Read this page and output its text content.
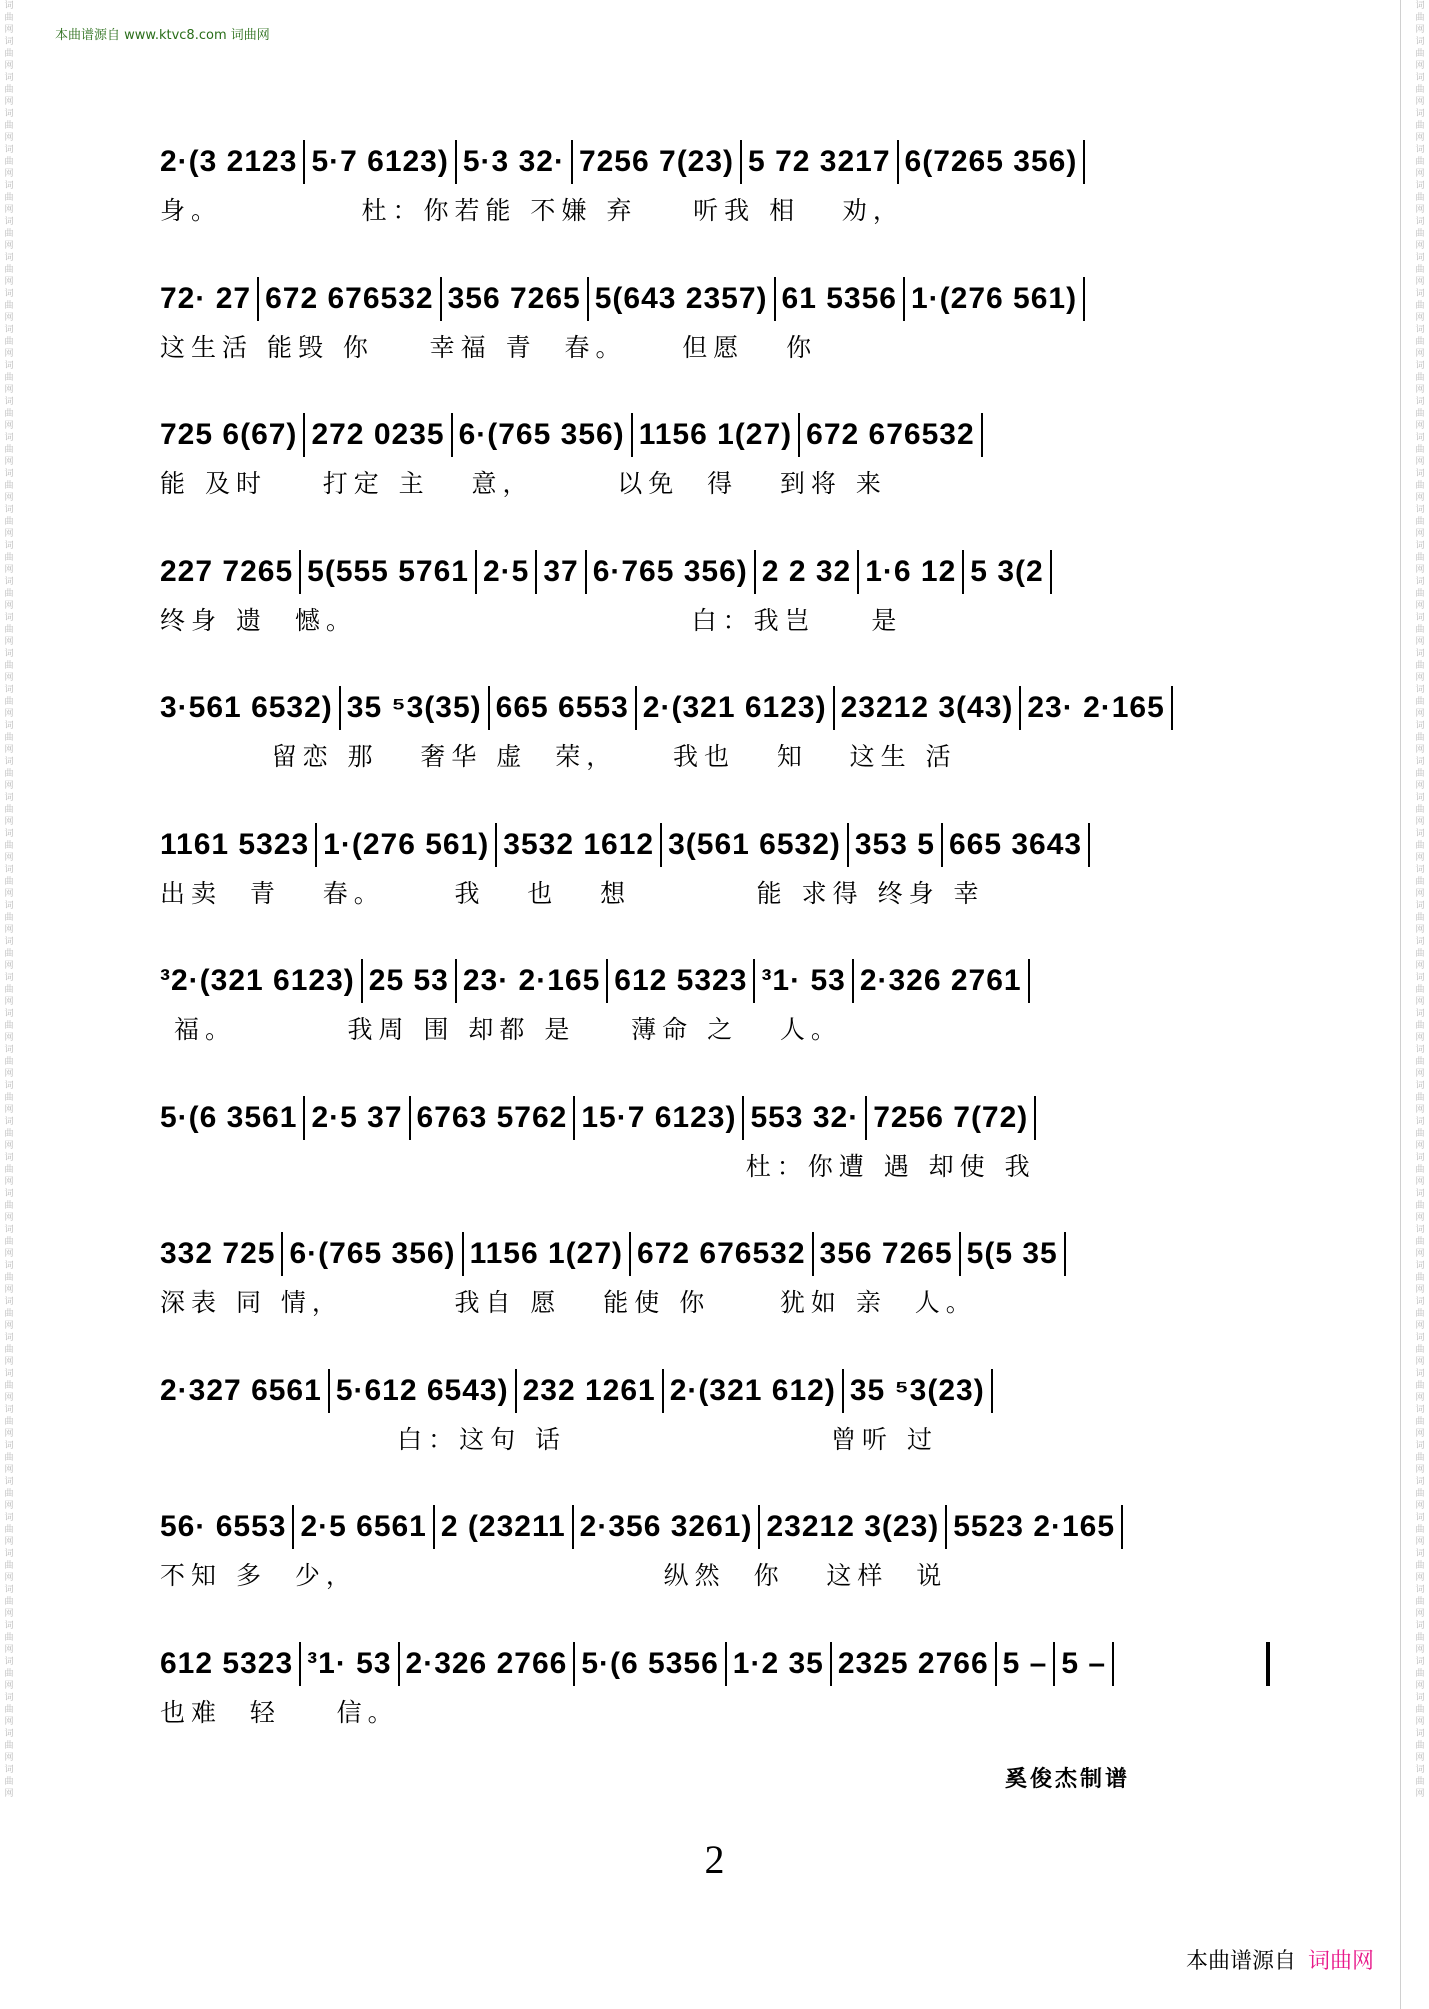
词曲网词曲网词曲网词曲网词曲网词曲网词曲网词曲网词曲网词曲网词曲网词曲网词曲网词曲网词曲网词曲网词曲网词曲网词曲网词曲网词曲网词曲网词曲网词曲网词曲网词曲网词曲网词曲网词曲网词曲网词曲网词曲网词曲网词曲网词曲网词曲网词曲网词曲网词曲网词曲网词曲网词曲网词曲网词曲网词曲网词曲网词曲网词曲网词曲网词曲网
词曲网词曲网词曲网词曲网词曲网词曲网词曲网词曲网词曲网词曲网词曲网词曲网词曲网词曲网词曲网词曲网词曲网词曲网词曲网词曲网词曲网词曲网词曲网词曲网词曲网词曲网词曲网词曲网词曲网词曲网词曲网词曲网词曲网词曲网词曲网词曲网词曲网词曲网词曲网词曲网词曲网词曲网词曲网词曲网词曲网词曲网词曲网词曲网词曲网词曲网
本曲谱源自 www.ktvc8.com 词曲网
2·(3 2123 5·7 6123) 5·3 32· 7256 7(23) 5 72 3217 6(7265 356)
身。          杜：你若能 不嫌 弃    听我 相   劝，
72· 27 672 676532 356 7265 5(643 2357) 61 5356 1·(276 561)
这生活 能毁 你    幸福 青  春。    但愿   你
725 6(67) 272 0235 6·(765 356) 1156 1(27) 672 676532
能 及时    打定 主   意，      以免  得   到将 来
227 7265 5(555 5761 2·5 37 6·765 356) 2 2 32 1·6 12 5 3(2
终身 遗  憾。                        白：我岂    是
3·561 6532) 35 ⁵3(35) 665 6553 2·(321 6123) 23212 3(43) 23· 2·165
留恋 那   奢华 虚  荣，    我也   知   这生 活
1161 5323 1·(276 561) 3532 1612 3(561 6532) 353 5 665 3643
出卖  青   春。     我   也   想         能 求得 终身 幸
³2·(321 6123) 25 53 23· 2·165 612 5323 ³1· 53 2·326 2761
福。        我周 围 却都 是    薄命 之   人。
5·(6 3561 2·5 37 6763 5762 15·7 6123) 553 32· 7256 7(72)
杜：你遭 遇 却使 我
332 725 6·(765 356) 1156 1(27) 672 676532 356 7265 5(5 35
深表 同 情，        我自 愿   能使 你     犹如 亲  人。
2·327 6561 5·612 6543) 232 1261 2·(321 612) 35 ⁵3(23)
白：这句 话                   曾听 过
56· 6553 2·5 6561 2 (23211 2·356 3261) 23212 3(23) 5523 2·165
不知 多  少，                      纵然  你   这样  说
612 5323 ³1· 53 2·326 2766 5·(6 5356 1·2 35 2325 2766 5 – 5 –
也难  轻    信。
奚俊杰制谱
2
本曲谱源自 词曲网
